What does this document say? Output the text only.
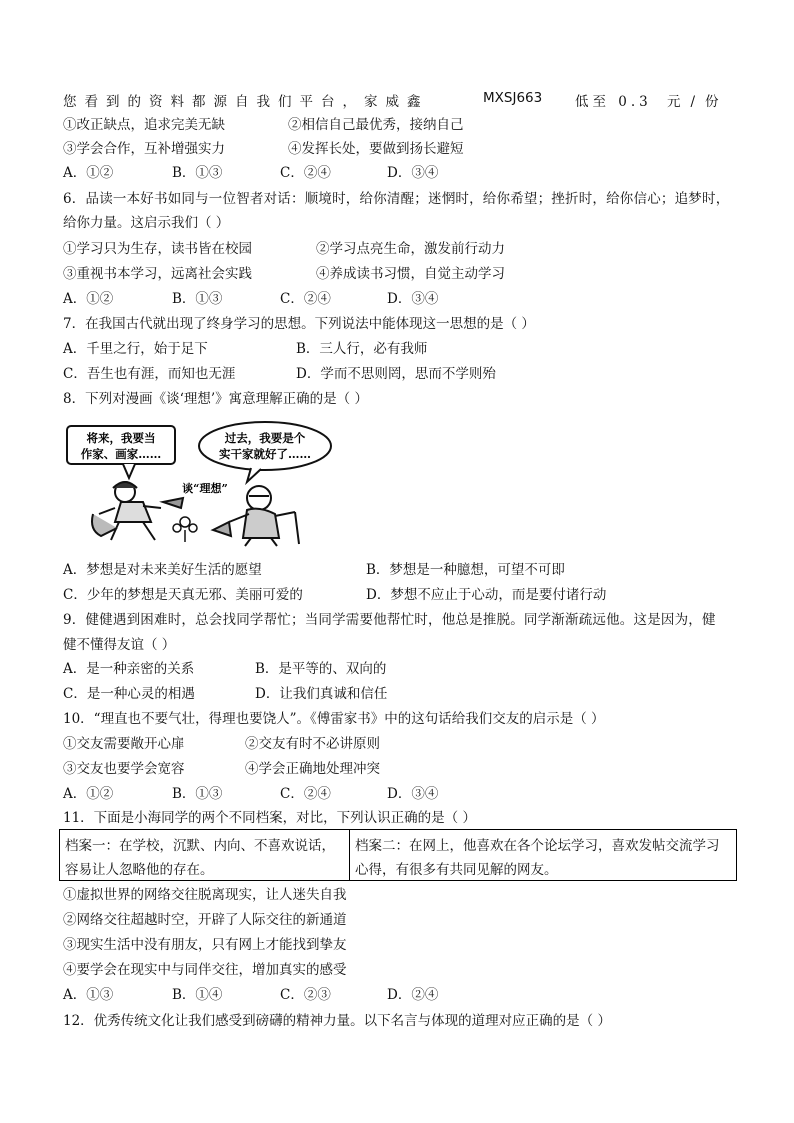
您看到的资料都源自我们平台，家威鑫	MXSJ663 低至 0.3 元/份
①改正缺点，追求完美无缺	②相信自己最优秀，接纳自己
③学会合作，互补增强实力	④发挥长处，要做到扬长避短
A．①②	B．①③	C．②④	D．③④
6．品读一本好书如同与一位智者对话：顺境时，给你清醒；迷惘时，给你希望；挫折时，给你信心；追梦时，
给你力量。这启示我们（ ）
①学习只为生存，读书皆在校园	②学习点亮生命，激发前行动力
③重视书本学习，远离社会实践	④养成读书习惯，自觉主动学习
A．①②	B．①③	C．②④	D．③④
7．在我国古代就出现了终身学习的思想。下列说法中能体现这一思想的是（ ）
A．千里之行，始于足下	B．三人行，必有我师
C．吾生也有涯，而知也无涯	D．学而不思则罔，思而不学则殆
8．下列对漫画《谈‘理想’》寓意理解正确的是（ ）
将来，我要当
作家、画家……
过去，我要是个
实干家就好了……
谈“理想”
A．梦想是对未来美好生活的愿望	B．梦想是一种臆想，可望不可即
C．少年的梦想是天真无邪、美丽可爱的	D．梦想不应止于心动，而是要付诸行动
9．健健遇到困难时，总会找同学帮忙；当同学需要他帮忙时，他总是推脱。同学渐渐疏远他。这是因为，健
健不懂得友谊（ ）
A．是一种亲密的关系	B．是平等的、双向的
C．是一种心灵的相遇	D．让我们真诚和信任
10．“理直也不要气壮，得理也要饶人”。《傅雷家书》中的这句话给我们交友的启示是（ ）
①交友需要敞开心扉	②交友有时不必讲原则
③交友也要学会宽容	④学会正确地处理冲突
A．①②	B．①③	C．②④	D．③④
11．下面是小海同学的两个不同档案，对比，下列认识正确的是（ ）
档案一：在学校，沉默、内向、不喜欢说话，容易让人忽略他的存在。
档案二：在网上，他喜欢在各个论坛学习，喜欢发帖交流学习心得，有很多有共同见解的网友。
①虚拟世界的网络交往脱离现实，让人迷失自我
②网络交往超越时空，开辟了人际交往的新通道
③现实生活中没有朋友，只有网上才能找到挚友
④要学会在现实中与同伴交往，增加真实的感受
A．①③	B．①④	C．②③	D．②④
12．优秀传统文化让我们感受到磅礴的精神力量。以下名言与体现的道理对应正确的是（ ）
